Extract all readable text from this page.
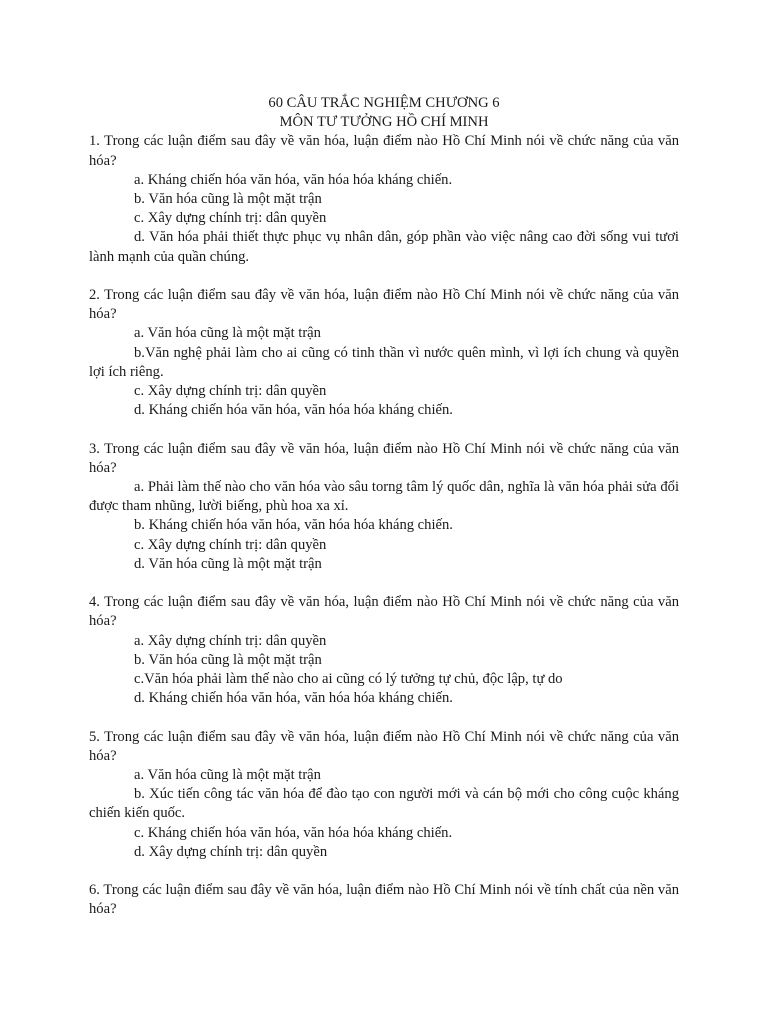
60 CÂU TRẮC NGHIỆM CHƯƠNG 6

MÔN TƯ TƯỞNG HỒ CHÍ MINH

1. Trong các luận điểm sau đây về văn hóa, luận điểm nào Hồ Chí Minh nói về chức năng của văn hóa?

a. Kháng chiến hóa văn hóa, văn hóa hóa kháng chiến.

b. Văn hóa cũng là một mặt trận

c. Xây dựng chính trị: dân quyền

d. Văn hóa phải thiết thực phục vụ nhân dân, góp phần vào việc nâng cao đời sống vui tươi lành mạnh của quần chúng.

2. Trong các luận điểm sau đây về văn hóa, luận điểm nào Hồ Chí Minh nói về chức năng của văn hóa?

a. Văn hóa cũng là một mặt trận

b.Văn nghệ phải làm cho ai cũng có tinh thần vì nước quên mình, vì lợi ích chung và quyền lợi ích riêng.

c. Xây dựng chính trị: dân quyền

d. Kháng chiến hóa văn hóa, văn hóa hóa kháng chiến.

3. Trong các luận điểm sau đây về văn hóa, luận điểm nào Hồ Chí Minh nói về chức năng của văn hóa?

a. Phải làm thế nào cho văn hóa vào sâu torng tâm lý quốc dân, nghĩa là văn hóa phải sửa đổi được tham nhũng, lười biếng, phù hoa xa xỉ.

b. Kháng chiến hóa văn hóa, văn hóa hóa kháng chiến.

c. Xây dựng chính trị: dân quyền

d. Văn hóa cũng là một mặt trận

4. Trong các luận điểm sau đây về văn hóa, luận điểm nào Hồ Chí Minh nói về chức năng của văn hóa?

a. Xây dựng chính trị: dân quyền

b. Văn hóa cũng là một mặt trận

c.Văn hóa phải làm thế nào cho ai cũng có lý tưởng tự chủ, độc lập, tự do

d. Kháng chiến hóa văn hóa, văn hóa hóa kháng chiến.

5. Trong các luận điểm sau đây về văn hóa, luận điểm nào Hồ Chí Minh nói về chức năng của văn hóa?

a. Văn hóa cũng là một mặt trận

b. Xúc tiến công tác văn hóa để đào tạo con người mới và cán bộ mới cho công cuộc kháng chiến kiến quốc.

c. Kháng chiến hóa văn hóa, văn hóa hóa kháng chiến.

d. Xây dựng chính trị: dân quyền

6. Trong các luận điểm sau đây về văn hóa, luận điểm nào Hồ Chí Minh nói về tính chất của nền văn hóa?
